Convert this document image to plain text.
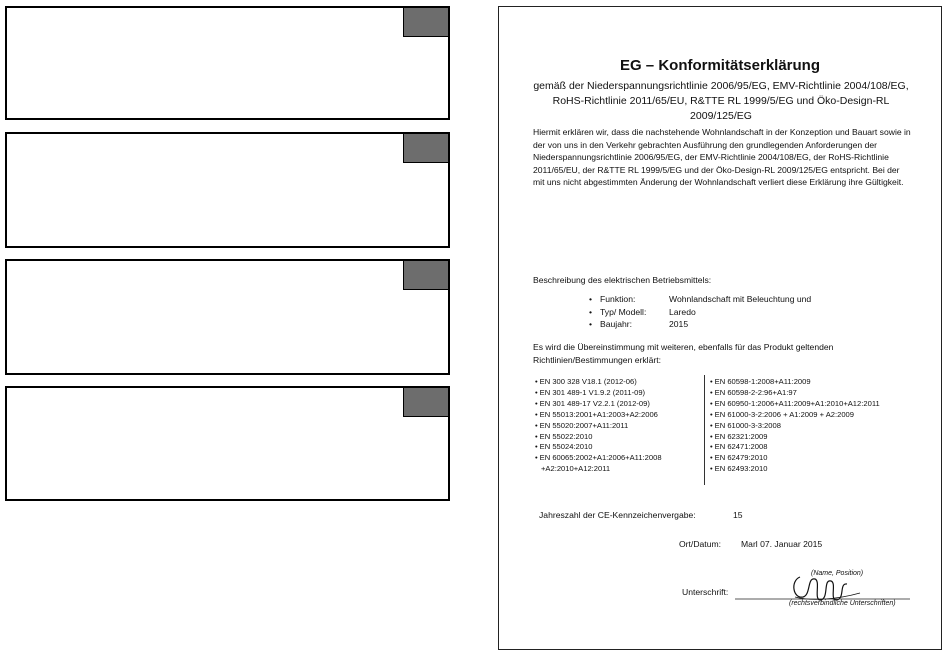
EG – Konformitätserklärung
gemäß der Niederspannungsrichtlinie 2006/95/EG, EMV-Richtlinie 2004/108/EG, RoHS-Richtlinie 2011/65/EU, R&TTE RL 1999/5/EG und Öko-Design-RL 2009/125/EG
Hiermit erklären wir, dass die nachstehende Wohnlandschaft in der Konzeption und Bauart sowie in der von uns in den Verkehr gebrachten Ausführung den grundlegenden Anforderungen der Niederspannungsrichtlinie 2006/95/EG, der EMV-Richtlinie 2004/108/EG, der RoHS-Richtlinie 2011/65/EU, der R&TTE RL 1999/5/EG und der Öko-Design-RL 2009/125/EG entspricht. Bei der mit uns nicht abgestimmten Änderung der Wohnlandschaft verliert diese Erklärung ihre Gültigkeit.
Beschreibung des elektrischen Betriebsmittels:
• Funktion:	Wohnlandschaft mit Beleuchtung und
• Typ/ Modell:	Laredo
• Baujahr:	2015
Es wird die Übereinstimmung mit weiteren, ebenfalls für das Produkt geltenden Richtlinien/Bestimmungen erklärt:
• EN 300 328 V18.1 (2012-06)
• EN 301 489-1 V1.9.2 (2011-09)
• EN 301 489-17 V2.2.1 (2012-09)
• EN 55013:2001+A1:2003+A2:2006
• EN 55020:2007+A11:2011
• EN 55022:2010
• EN 55024:2010
• EN 60065:2002+A1:2006+A11:2008
+A2:2010+A12:2011
• EN 60598-1:2008+A11:2009
• EN 60598-2-2:96+A1:97
• EN 60950-1:2006+A11:2009+A1:2010+A12:2011
• EN 61000-3-2:2006 + A1:2009 + A2:2009
• EN 61000-3-3:2008
• EN 62321:2009
• EN 62471:2008
• EN 62479:2010
• EN 62493:2010
Jahreszahl der CE-Kennzeichenvergabe:	15
Ort/Datum: Marl 07. Januar 2015
(Name, Position)
Unterschrift:
(rechtsverbindliche Unterschriften)
